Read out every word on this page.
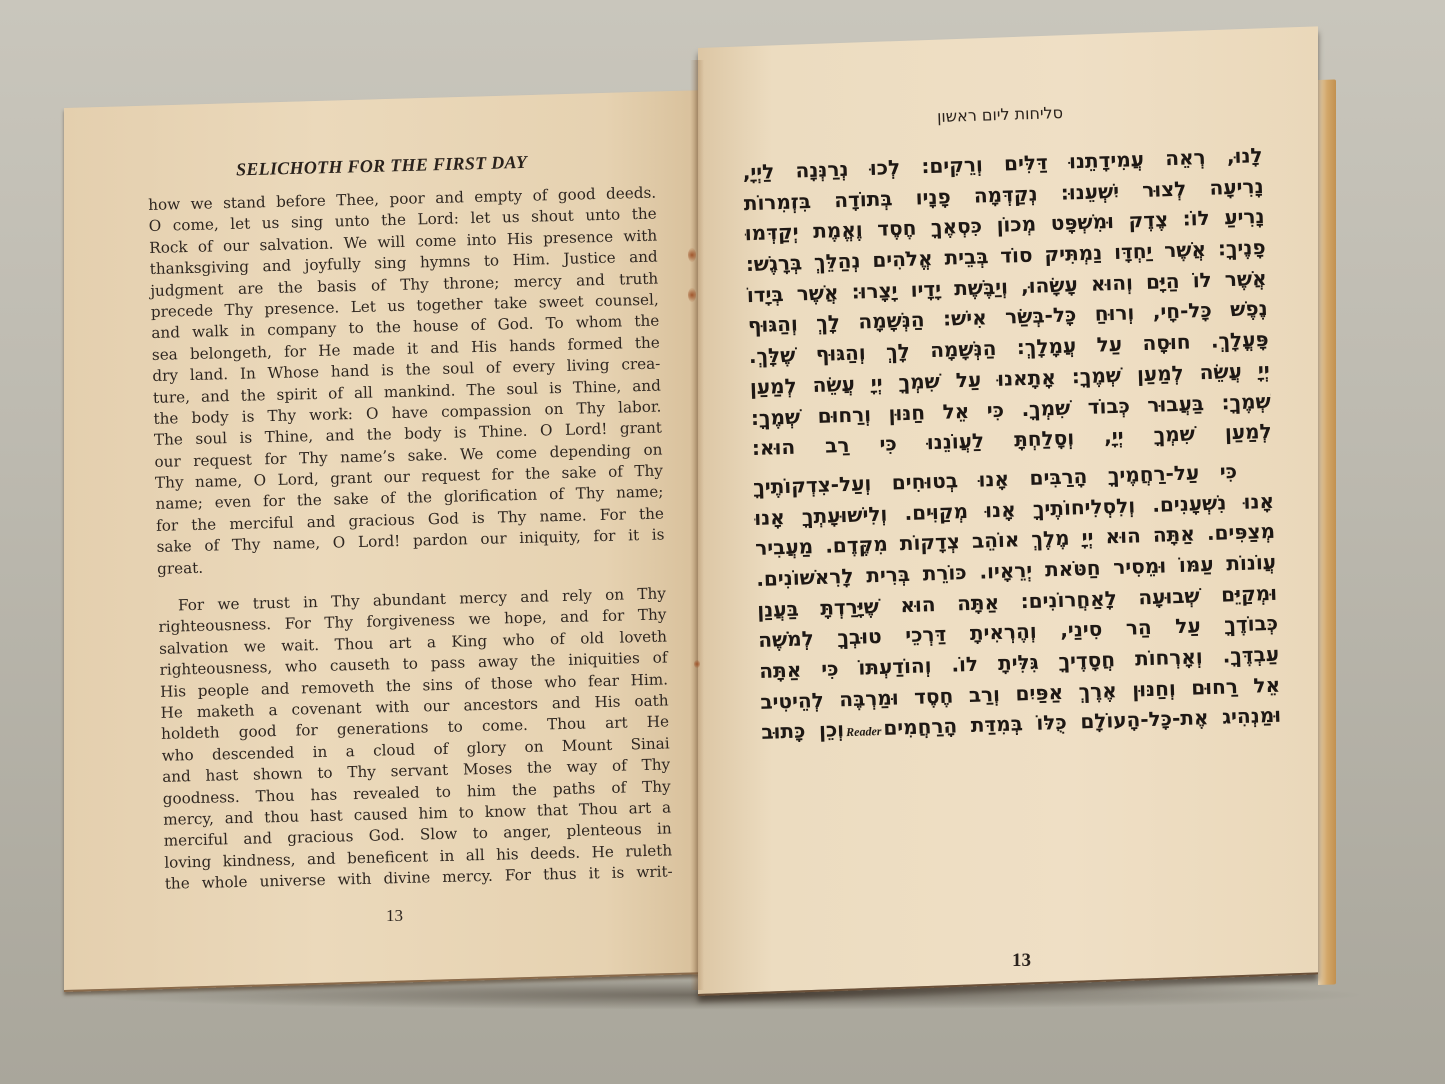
SELICHOTH FOR THE FIRST DAY
how we stand before Thee, poor and empty of good deeds.
O come, let us sing unto the Lord: let us shout unto the
Rock of our salvation. We will come into His presence with
thanksgiving and joyfully sing hymns to Him. Justice and
judgment are the basis of Thy throne; mercy and truth
precede Thy presence. Let us together take sweet counsel,
and walk in company to the house of God. To whom the
sea belongeth, for He made it and His hands formed the
dry land. In Whose hand is the soul of every living crea-
ture, and the spirit of all mankind. The soul is Thine, and
the body is Thy work: O have compassion on Thy labor.
The soul is Thine, and the body is Thine. O Lord! grant
our request for Thy name’s sake. We come depending on
Thy name, O Lord, grant our request for the sake of Thy
name; even for the sake of the glorification of Thy name;
for the merciful and gracious God is Thy name. For the
sake of Thy name, O Lord! pardon our iniquity, for it is
great.
For we trust in Thy abundant mercy and rely on Thy
righteousness. For Thy forgiveness we hope, and for Thy
salvation we wait. Thou art a King who of old loveth
righteousness, who causeth to pass away the iniquities of
His people and removeth the sins of those who fear Him.
He maketh a covenant with our ancestors and His oath
holdeth good for generations to come. Thou art He
who descended in a cloud of glory on Mount Sinai
and hast shown to Thy servant Moses the way of Thy
goodness. Thou has revealed to him the paths of Thy
mercy, and thou hast caused him to know that Thou art a
merciful and gracious God. Slow to anger, plenteous in
loving kindness, and beneficent in all his deeds. He ruleth
the whole universe with divine mercy. For thus it is writ-
13
סליחות ליום ראשון
לָנוּ, רְאֵה עֲמִידָתֵנוּ דַּלִּים וְרֵקִים: לְכוּ נְרַנְּנָה לַיְיָ,
נָרִיעָה לְצוּר יִשְׁעֵנוּ: נְקַדְּמָה פָנָיו בְּתוֹדָה בִּזְמִרוֹת
נָרִיעַ לוֹ: צֶדֶק וּמִשְׁפָּט מְכוֹן כִּסְאֶךָ חֶסֶד וֶאֱמֶת יְקַדְּמוּ
פָנֶיךָ: אֲשֶׁר יַחְדָּו נַמְתִּיק סוֹד בְּבֵית אֱלֹהִים נְהַלֵּךְ בְּרָגֶשׁ:
אֲשֶׁר לוֹ הַיָּם וְהוּא עָשָׂהוּ, וְיַבֶּשֶׁת יָדָיו יָצָרוּ: אֲשֶׁר בְּיָדוֹ
נֶפֶשׁ כָּל-חָי, וְרוּחַ כָּל-בְּשַׂר אִישׁ: הַנְּשָׁמָה לָךְ וְהַגּוּף
פָּעֳלָךְ. חוּסָה עַל עֲמָלָךְ: הַנְּשָׁמָה לָךְ וְהַגּוּף שֶׁלָּךְ.
יְיָ עֲשֵׂה לְמַעַן שְׁמֶךָ: אָתָאנוּ עַל שִׁמְךָ יְיָ עֲשֵׂה לְמַעַן
שְׁמֶךָ: בַּעֲבוּר כְּבוֹד שִׁמְךָ. כִּי אֵל חַנּוּן וְרַחוּם שְׁמֶךָ:
לְמַעַן שִׁמְךָ יְיָ, וְסָלַחְתָּ לַעֲוֹנֵנוּ כִּי רַב הוּא:
כִּי עַל-רַחֲמֶיךָ הָרַבִּים אָנוּ בְטוּחִים וְעַל-צִדְקוֹתֶיךָ
אָנוּ נִשְׁעָנִים. וְלִסְלִיחוֹתֶיךָ אָנוּ מְקַוִּים. וְלִישׁוּעָתְךָ אָנוּ
מְצַפִּים. אַתָּה הוּא יְיָ מֶלֶךְ אוֹהֵב צְדָקוֹת מִקֶּדֶם. מַעֲבִיר
עֲוֹנוֹת עַמּוֹ וּמֵסִיר חַטֹּאת יְרֵאָיו. כּוֹרֵת בְּרִית לָרִאשׁוֹנִים.
וּמְקַיֵּם שְׁבוּעָה לָאַחֲרוֹנִים: אַתָּה הוּא שֶׁיָּרַדְתָּ בַּעֲנַן
כְּבוֹדֶךָ עַל הַר סִינַי, וְהֶרְאִיתָ דַּרְכֵי טוּבְךָ לְמֹשֶׁה
עַבְדֶּךָ. וְאָרְחוֹת חֲסָדֶיךָ גִּלִּיתָ לוֹ. וְהוֹדַעְתּוֹ כִּי אַתָּה
אֵל רַחוּם וְחַנּוּן אֶרֶךְ אַפַּיִם וְרַב חֶסֶד וּמַרְבֶּה לְהֵיטִיב
וּמַנְהִיג אֶת-כָּל-הָעוֹלָם כֻּלּוֹ בְּמִדַּת הָרַחֲמִיםReaderוְכֵן כָּתוּב
13
